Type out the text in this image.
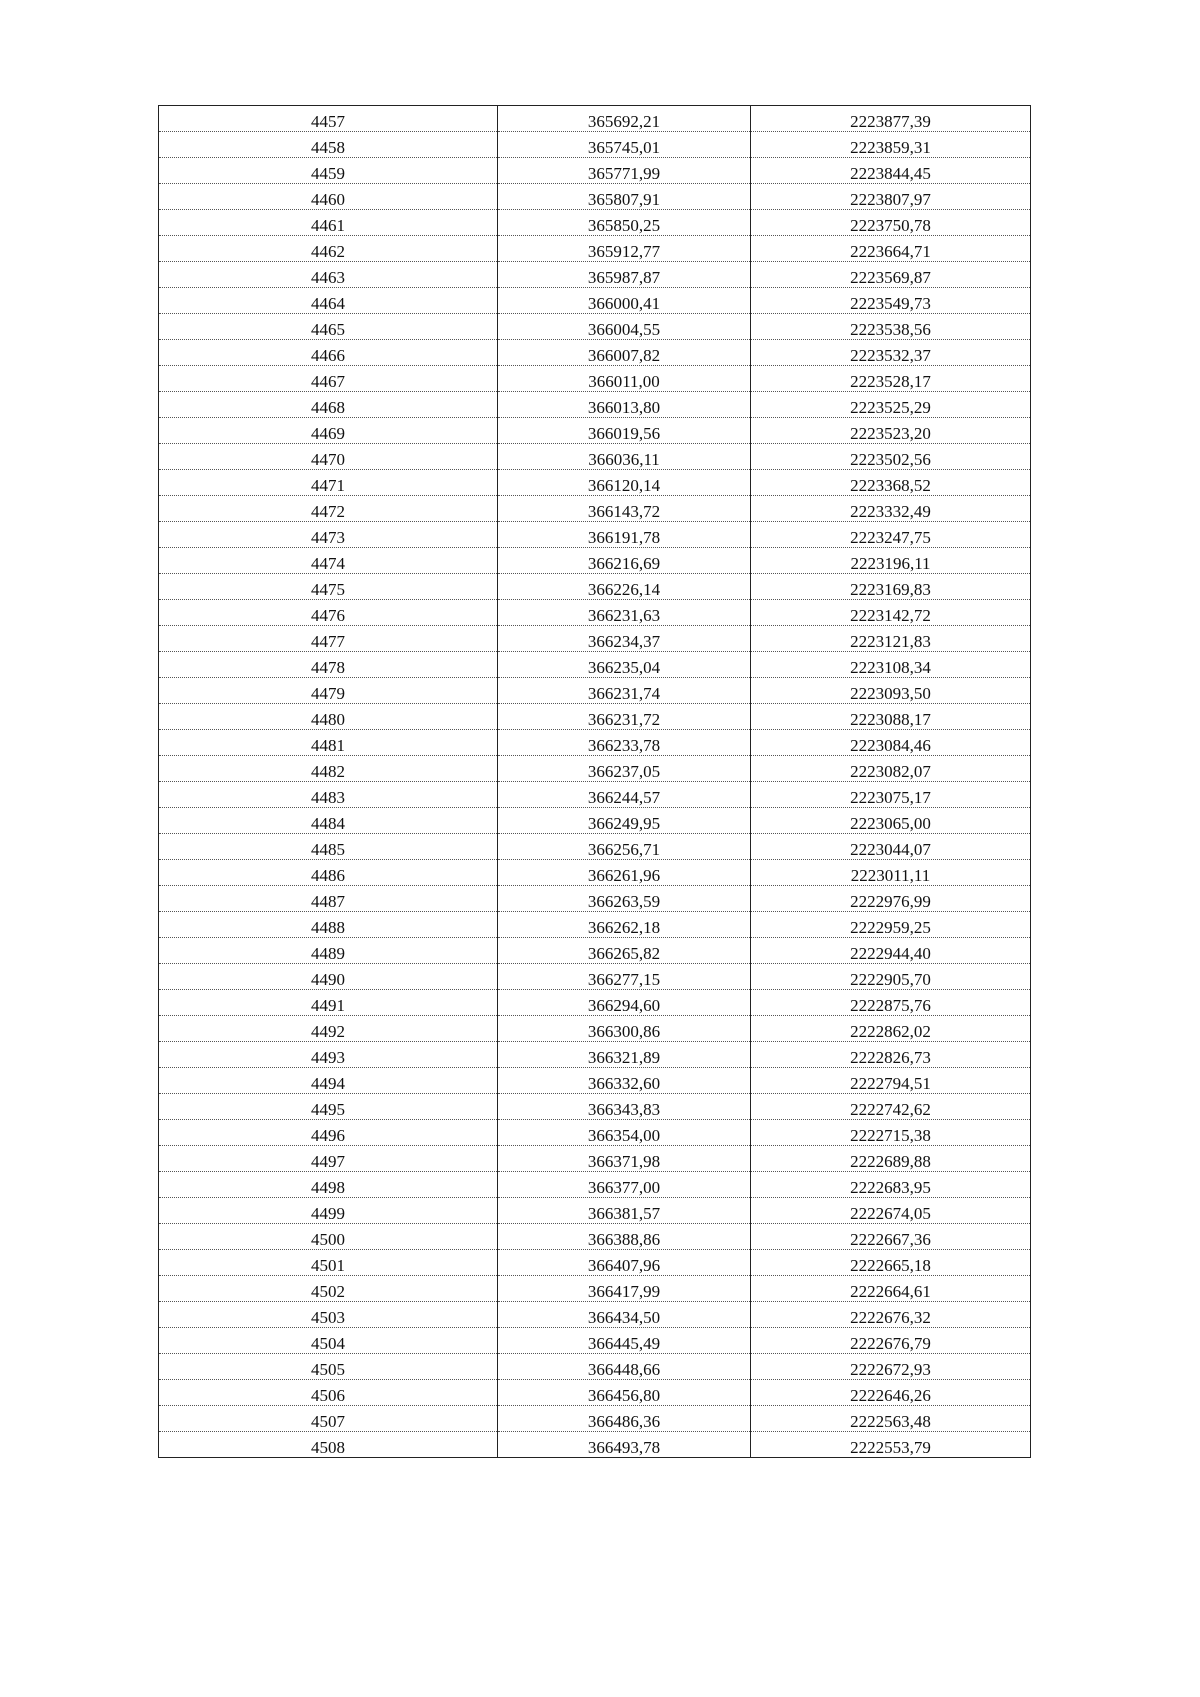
4457	365692,21	2223877,39
4458	365745,01	2223859,31
4459	365771,99	2223844,45
4460	365807,91	2223807,97
4461	365850,25	2223750,78
4462	365912,77	2223664,71
4463	365987,87	2223569,87
4464	366000,41	2223549,73
4465	366004,55	2223538,56
4466	366007,82	2223532,37
4467	366011,00	2223528,17
4468	366013,80	2223525,29
4469	366019,56	2223523,20
4470	366036,11	2223502,56
4471	366120,14	2223368,52
4472	366143,72	2223332,49
4473	366191,78	2223247,75
4474	366216,69	2223196,11
4475	366226,14	2223169,83
4476	366231,63	2223142,72
4477	366234,37	2223121,83
4478	366235,04	2223108,34
4479	366231,74	2223093,50
4480	366231,72	2223088,17
4481	366233,78	2223084,46
4482	366237,05	2223082,07
4483	366244,57	2223075,17
4484	366249,95	2223065,00
4485	366256,71	2223044,07
4486	366261,96	2223011,11
4487	366263,59	2222976,99
4488	366262,18	2222959,25
4489	366265,82	2222944,40
4490	366277,15	2222905,70
4491	366294,60	2222875,76
4492	366300,86	2222862,02
4493	366321,89	2222826,73
4494	366332,60	2222794,51
4495	366343,83	2222742,62
4496	366354,00	2222715,38
4497	366371,98	2222689,88
4498	366377,00	2222683,95
4499	366381,57	2222674,05
4500	366388,86	2222667,36
4501	366407,96	2222665,18
4502	366417,99	2222664,61
4503	366434,50	2222676,32
4504	366445,49	2222676,79
4505	366448,66	2222672,93
4506	366456,80	2222646,26
4507	366486,36	2222563,48
4508	366493,78	2222553,79
